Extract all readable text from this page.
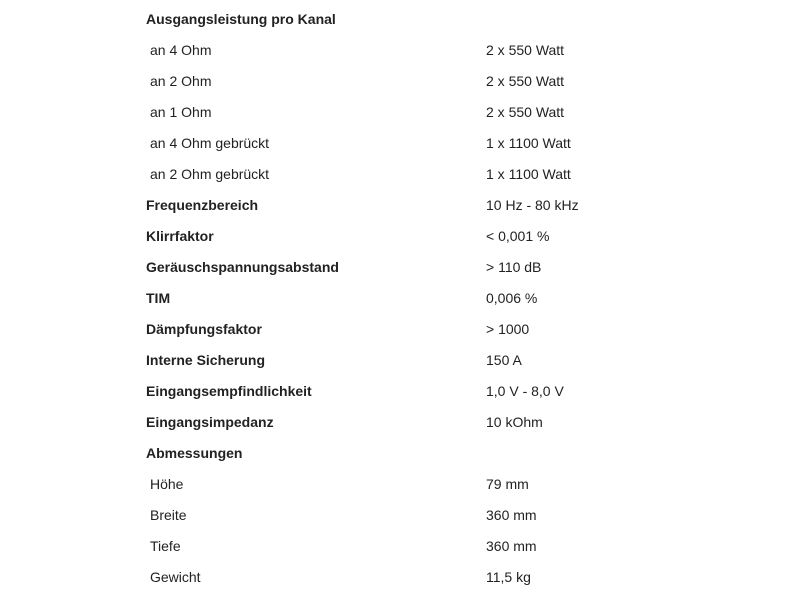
Ausgangsleistung pro Kanal
an 4 Ohm	2 x 550 Watt
an 2 Ohm	2 x 550 Watt
an 1 Ohm	2 x 550 Watt
an 4 Ohm gebrückt	1 x 1100 Watt
an 2 Ohm gebrückt	1 x 1100 Watt
Frequenzbereich	10 Hz - 80 kHz
Klirrfaktor	< 0,001 %
Geräuschspannungsabstand	> 110 dB
TIM	0,006 %
Dämpfungsfaktor	> 1000
Interne Sicherung	150 A
Eingangsempfindlichkeit	1,0 V - 8,0 V
Eingangsimpedanz	10 kOhm
Abmessungen
Höhe	79 mm
Breite	360 mm
Tiefe	360 mm
Gewicht	11,5 kg
